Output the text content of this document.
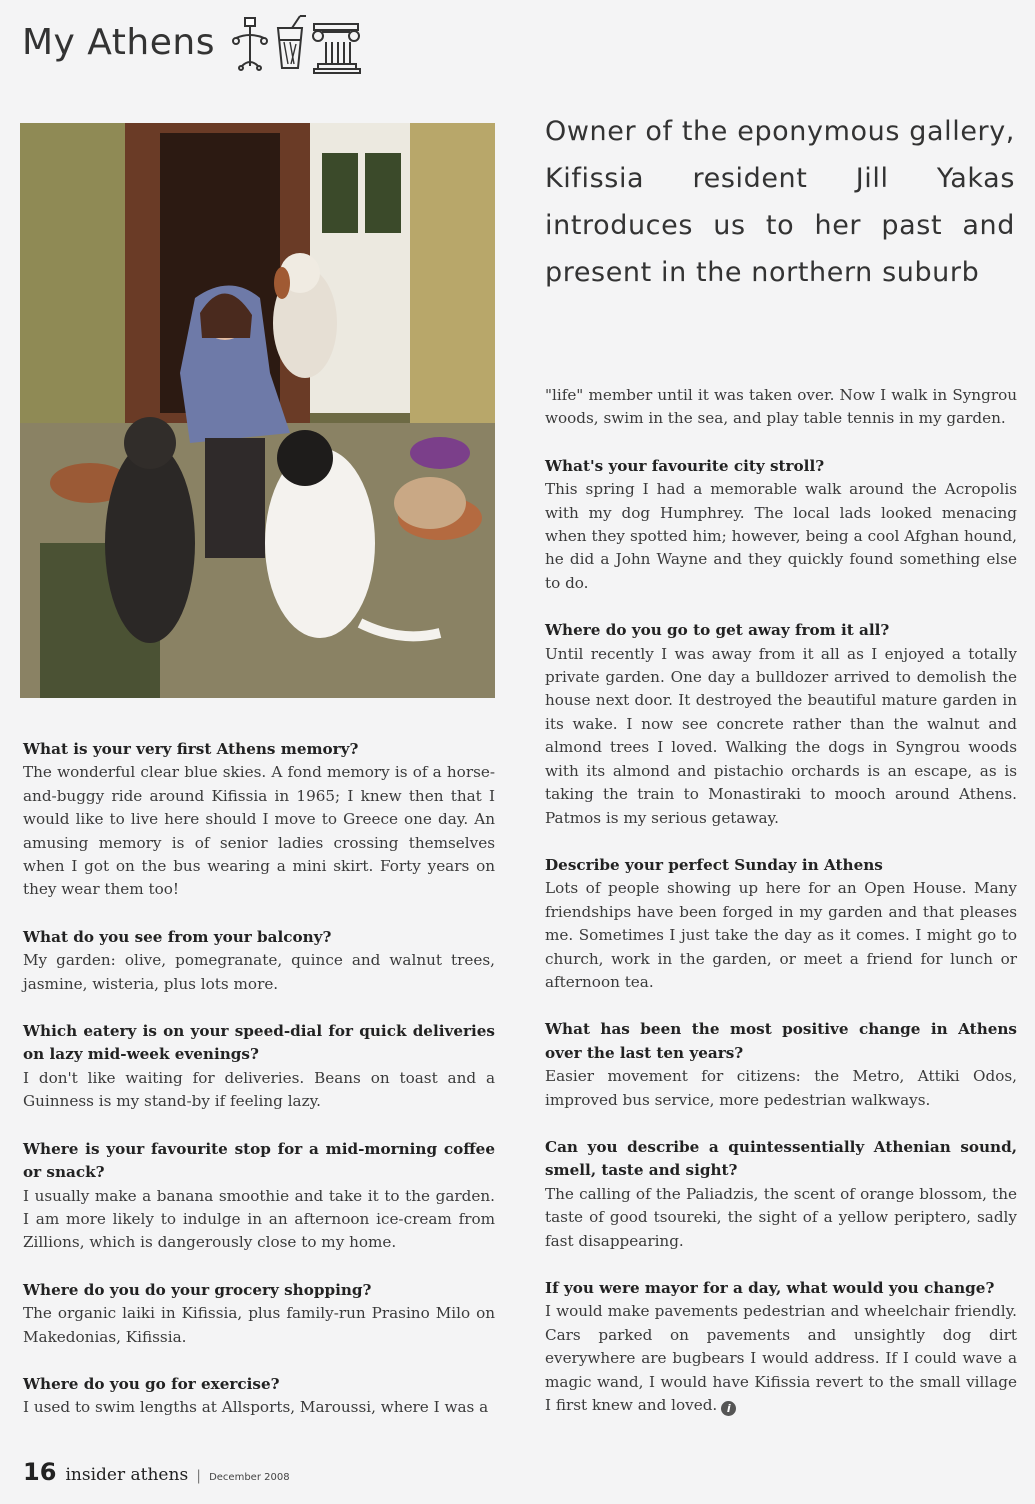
My Athens

Owner of the eponymous gallery, Kifissia resident Jill Yakas introduces us to her past and present in the northern suburb

What is your very first Athens memory?
The wonderful clear blue skies. A fond memory is of a horse-and-buggy ride around Kifissia in 1965; I knew then that I would like to live here should I move to Greece one day. An amusing memory is of senior ladies crossing themselves when I got on the bus wearing a mini skirt. Forty years on they wear them too!
What do you see from your balcony?
My garden: olive, pomegranate, quince and walnut trees, jasmine, wisteria, plus lots more.
Which eatery is on your speed-dial for quick deliveries on lazy mid-week evenings?
I don't like waiting for deliveries. Beans on toast and a Guinness is my stand-by if feeling lazy.
Where is your favourite stop for a mid-morning coffee or snack?
I usually make a banana smoothie and take it to the garden. I am more likely to indulge in an afternoon ice-cream from Zillions, which is dangerously close to my home.
Where do you do your grocery shopping?
The organic laiki in Kifissia, plus family-run Prasino Milo on Makedonias, Kifissia.
Where do you go for exercise?
I used to swim lengths at Allsports, Maroussi, where I was a

"life" member until it was taken over. Now I walk in Syngrou woods, swim in the sea, and play table tennis in my garden.

What's your favourite city stroll?
This spring I had a memorable walk around the Acropolis with my dog Humphrey. The local lads looked menacing when they spotted him; however, being a cool Afghan hound, he did a John Wayne and they quickly found something else to do.
Where do you go to get away from it all?
Until recently I was away from it all as I enjoyed a totally private garden. One day a bulldozer arrived to demolish the house next door. It destroyed the beautiful mature garden in its wake. I now see concrete rather than the walnut and almond trees I loved. Walking the dogs in Syngrou woods with its almond and pistachio orchards is an escape, as is taking the train to Monastiraki to mooch around Athens. Patmos is my serious getaway.
Describe your perfect Sunday in Athens
Lots of people showing up here for an Open House. Many friendships have been forged in my garden and that pleases me. Sometimes I just take the day as it comes. I might go to church, work in the garden, or meet a friend for lunch or afternoon tea.
What has been the most positive change in Athens over the last ten years?
Easier movement for citizens: the Metro, Attiki Odos, improved bus service, more pedestrian walkways.
Can you describe a quintessentially Athenian sound, smell, taste and sight?
The calling of the Paliadzis, the scent of orange blossom, the taste of good tsoureki, the sight of a yellow periptero, sadly fast disappearing.
If you were mayor for a day, what would you change?
I would make pavements pedestrian and wheelchair friendly. Cars parked on pavements and unsightly dog dirt everywhere are bugbears I would address. If I could wave a magic wand, I would have Kifissia revert to the small village I first knew and loved. i
16 insider athens | December 2008
